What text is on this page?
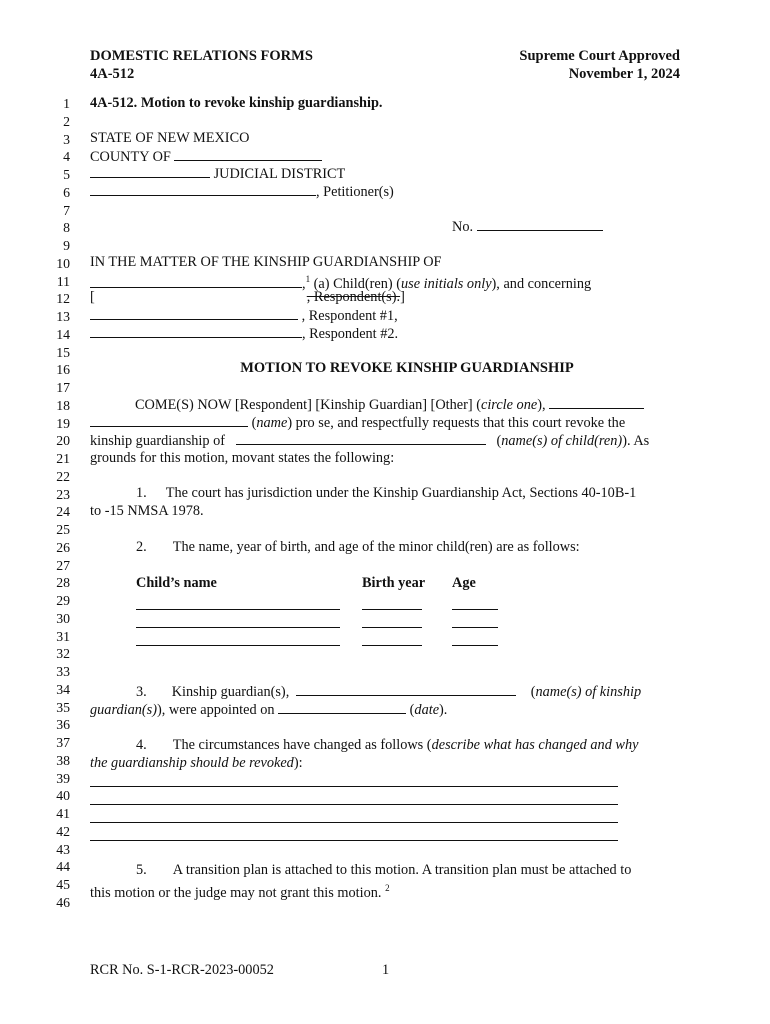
DOMESTIC RELATIONS FORMS
4A-512
Supreme Court Approved
November 1, 2024
1
2
3
4
5
6
7
8
9
10
11
12
13
14
15
16
17
18
19
20
21
22
23
24
25
26
27
28
29
30
31
32
33
34
35
36
37
38
39
40
41
42
43
44
45
46
4A-512. Motion to revoke kinship guardianship.
STATE OF NEW MEXICO
COUNTY OF
JUDICIAL DISTRICT
, Petitioner(s)
No.
IN THE MATTER OF THE KINSHIP GUARDIANSHIP OF
,$^1$ (a) Child(ren) (use initials only), and concerning
[	, Respondent(s).]
, Respondent #1,
, Respondent #2.
MOTION TO REVOKE KINSHIP GUARDIANSHIP
COME(S) NOW [Respondent] [Kinship Guardian] [Other] (circle one),
(name) pro se, and respectfully requests that this court revoke the
kinship guardianship of	(name(s) of child(ren)). As
grounds for this motion, movant states the following:
1. The court has jurisdiction under the Kinship Guardianship Act, Sections 40-10B-1
to -15 NMSA 1978.
2. The name, year of birth, and age of the minor child(ren) are as follows:
Child’s name	Birth year Age
3. Kinship guardian(s),	(name(s) of kinship
guardian(s)), were appointed on	(date).
4. The circumstances have changed as follows (describe what has changed and why
the guardianship should be revoked):
5. A transition plan is attached to this motion. A transition plan must be attached to
this motion or the judge may not grant this motion. $^2$
RCR No. S-1-RCR-2023-00052	1
